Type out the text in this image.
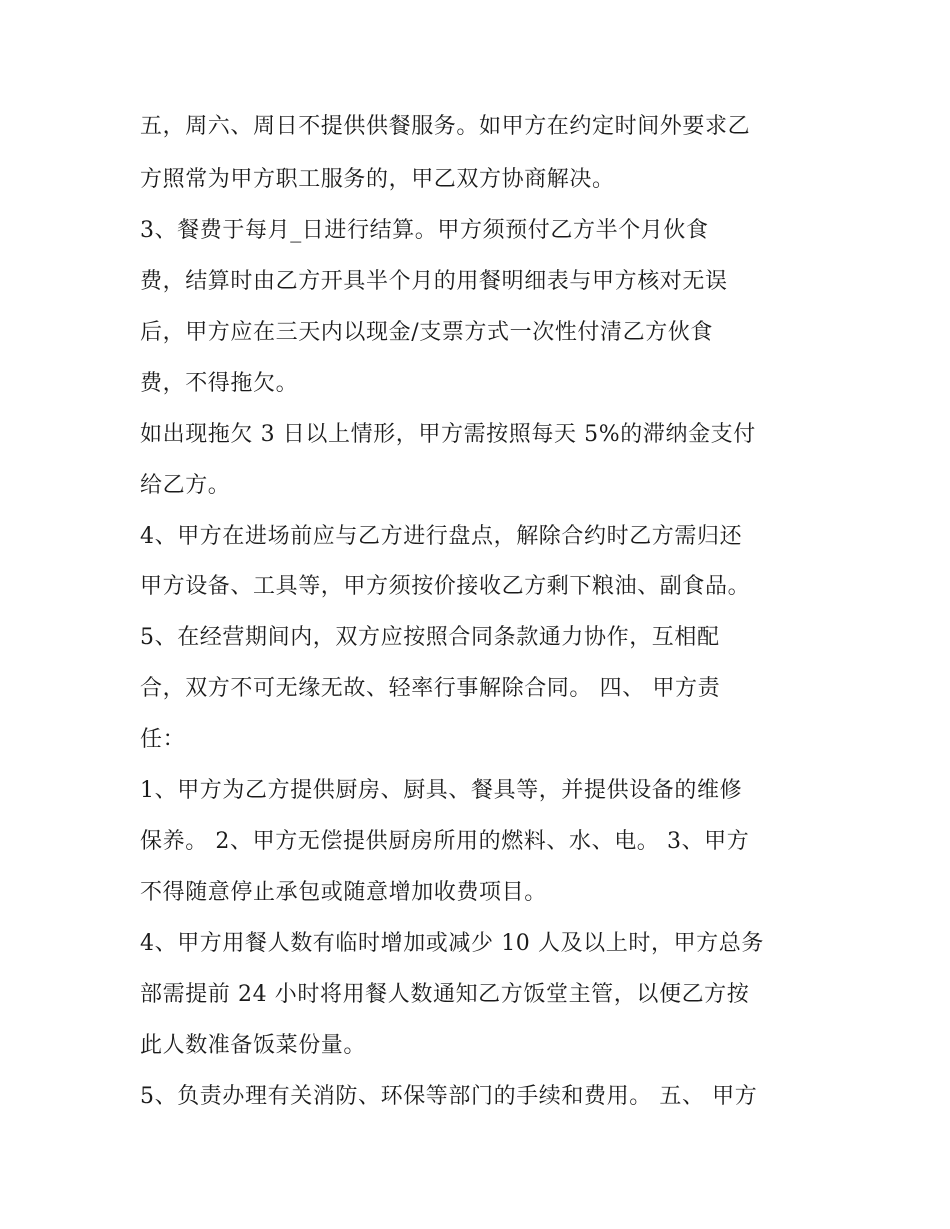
五，周六、周日不提供供餐服务。如甲方在约定时间外要求乙
方照常为甲方职工服务的，甲乙双方协商解决。
3、餐费于每月_日进行结算。甲方须预付乙方半个月伙食
费，结算时由乙方开具半个月的用餐明细表与甲方核对无误
后，甲方应在三天内以现金/支票方式一次性付清乙方伙食
费，不得拖欠。
如出现拖欠 3 日以上情形，甲方需按照每天 5%的滞纳金支付
给乙方。
4、甲方在进场前应与乙方进行盘点，解除合约时乙方需归还
甲方设备、工具等，甲方须按价接收乙方剩下粮油、副食品。
5、在经营期间内，双方应按照合同条款通力协作，互相配
合，双方不可无缘无故、轻率行事解除合同。 四、 甲方责
任：
1、甲方为乙方提供厨房、厨具、餐具等，并提供设备的维修
保养。 2、甲方无偿提供厨房所用的燃料、水、电。 3、甲方
不得随意停止承包或随意增加收费项目。
4、甲方用餐人数有临时增加或减少 10 人及以上时，甲方总务
部需提前 24 小时将用餐人数通知乙方饭堂主管，以便乙方按
此人数准备饭菜份量。
5、负责办理有关消防、环保等部门的手续和费用。 五、 甲方
